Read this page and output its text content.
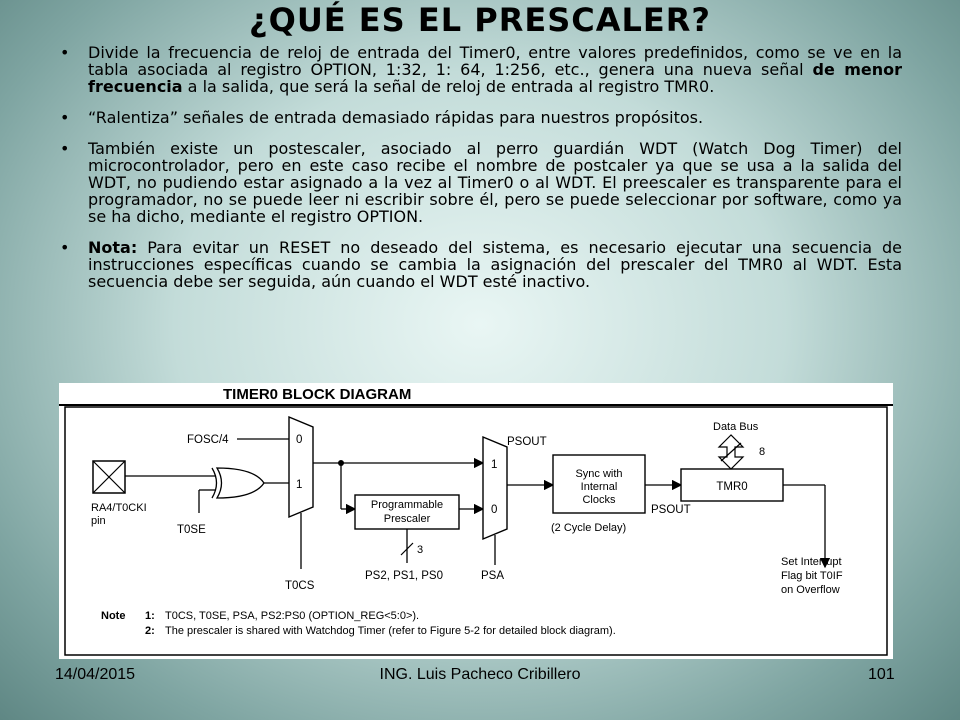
¿QUÉ ES EL PRESCALER?
• Divide la frecuencia de reloj de entrada del Timer0, entre valores predefinidos, como se ve en la tabla asociada al registro OPTION, 1:32, 1: 64, 1:256, etc., genera una nueva señal de menor frecuencia a la salida, que será la señal de reloj de entrada al registro TMR0.
• “Ralentiza” señales de entrada demasiado rápidas para nuestros propósitos.
• También existe un postescaler, asociado al perro guardián WDT (Watch Dog Timer) del microcontrolador, pero en este caso recibe el nombre de postcaler ya que se usa a la salida del WDT, no pudiendo estar asignado a la vez al Timer0 o al WDT. El preescaler es transparente para el programador, no se puede leer ni escribir sobre él, pero se puede seleccionar por software, como ya se ha dicho, mediante el registro OPTION.
• Nota: Para evitar un RESET no deseado del sistema, es necesario ejecutar una secuencia de instrucciones específicas cuando se cambia la asignación del prescaler del TMR0 al WDT. Esta secuencia debe ser seguida, aún cuando el WDT esté inactivo.
TIMER0 BLOCK DIAGRAM
RA4/T0CKI
pin
T0SE
FOSC/4	0
1
T0CS
Programmable
Prescaler
3
PS2, PS1, PS0
1
0
PSOUT
PSA
Sync with
Internal
Clocks
(2 Cycle Delay)
PSOUT
TMR0
Data Bus
8
Set Interrupt
Flag bit T0IF
on Overflow
Note 1: T0CS, T0SE, PSA, PS2:PS0 (OPTION_REG<5:0>).
2: The prescaler is shared with Watchdog Timer (refer to Figure 5-2 for detailed block diagram).
14/04/2015	ING. Luis Pacheco Cribillero	101
